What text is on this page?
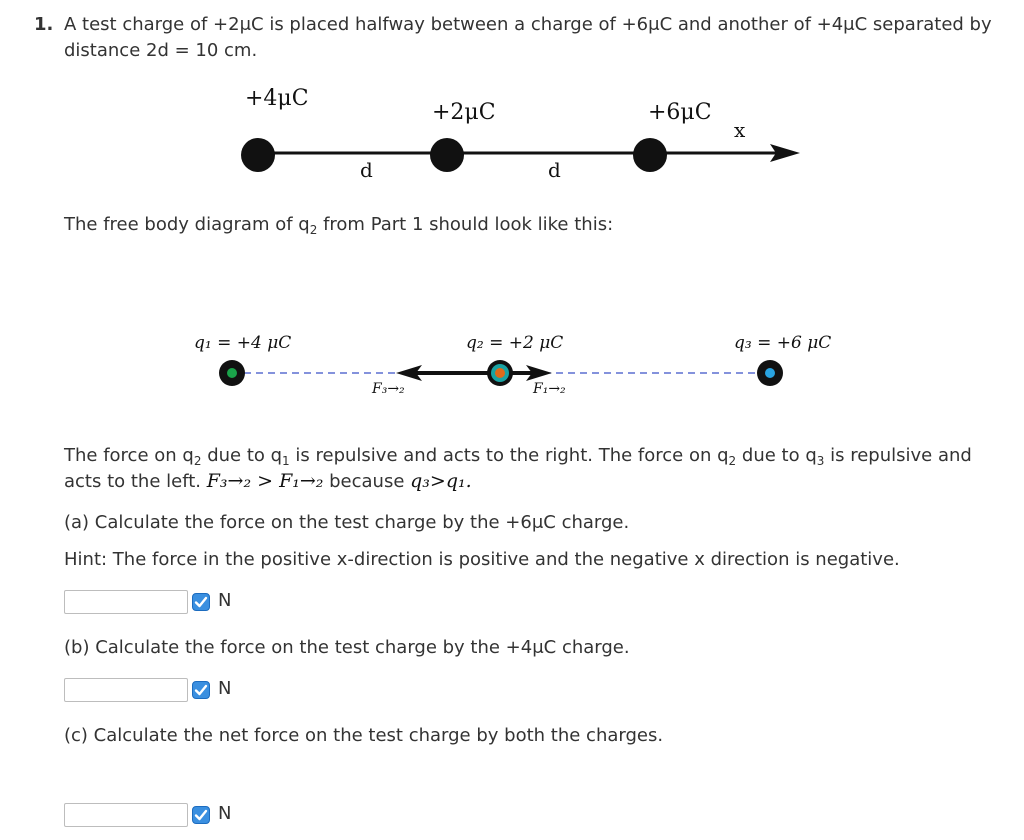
1. A test charge of +2μC is placed halfway between a charge of +6μC and another of +4μC separated by
distance 2d = 10 cm.
+4μC
+2μC	+6μC
x
d	d
The free body diagram of $q_2$ from Part 1 should look like this:
q₁ = +4 μC	q₂ = +2 μC	q₃ = +6 μC
F₃→₂	F₁→₂
The force on $q_2$ due to $q_1$ is repulsive and acts to the right. The force on $q_2$ due to $q_3$ is repulsive and
acts to the left. F₃→₂ > F₁→₂ because q₃>q₁.
(a) Calculate the force on the test charge by the +6μC charge.
Hint: The force in the positive x-direction is positive and the negative x direction is negative.
N
(b) Calculate the force on the test charge by the +4μC charge.
N
(c) Calculate the net force on the test charge by both the charges.
N
